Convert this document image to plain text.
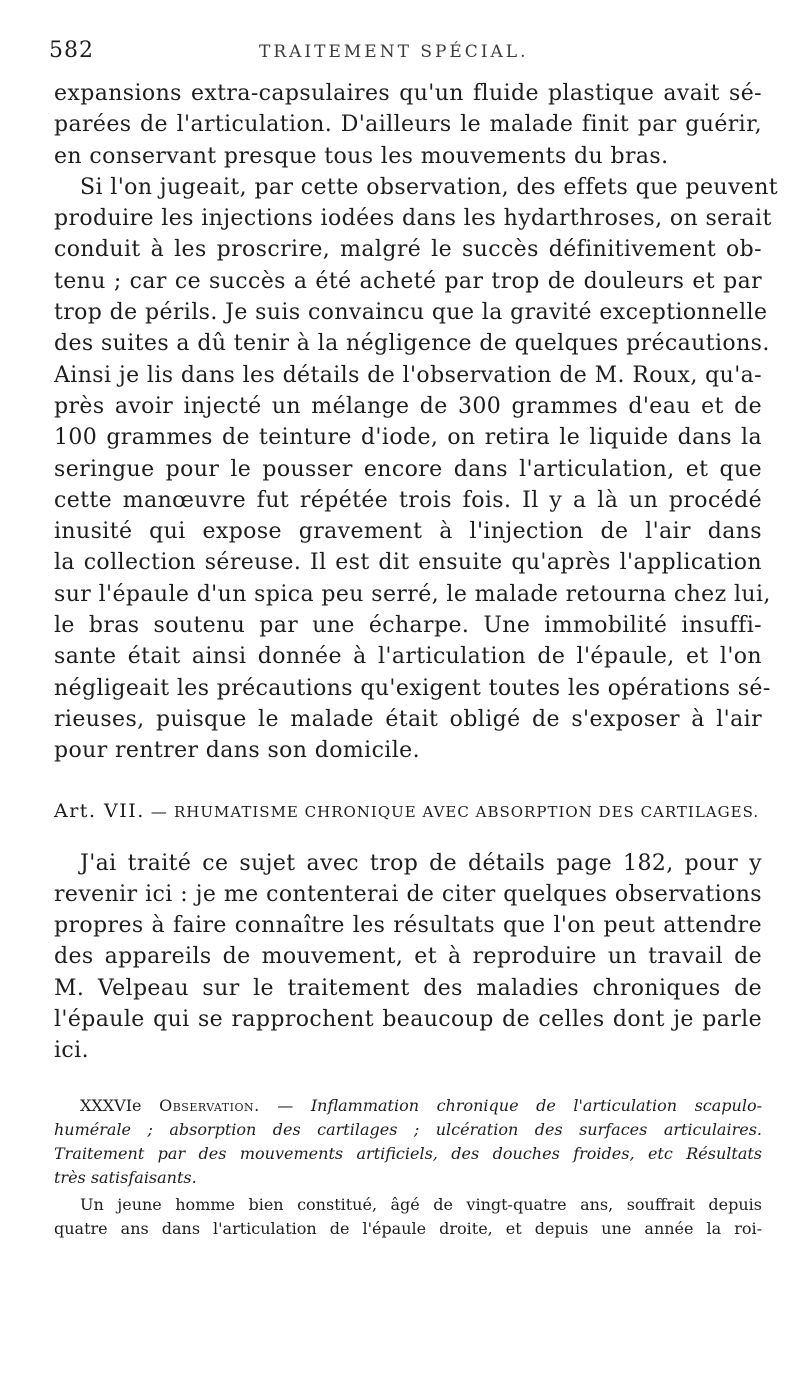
582	TRAITEMENT SPÉCIAL.
expansions extra-capsulaires qu'un fluide plastique avait sé-
parées de l'articulation. D'ailleurs le malade finit par guérir,
en conservant presque tous les mouvements du bras.
Si l'on jugeait, par cette observation, des effets que peuvent
produire les injections iodées dans les hydarthroses, on serait
conduit à les proscrire, malgré le succès définitivement ob-
tenu ; car ce succès a été acheté par trop de douleurs et par
trop de périls. Je suis convaincu que la gravité exceptionnelle
des suites a dû tenir à la négligence de quelques précautions.
Ainsi je lis dans les détails de l'observation de M. Roux, qu'a-
près avoir injecté un mélange de 300 grammes d'eau et de
100 grammes de teinture d'iode, on retira le liquide dans la
seringue pour le pousser encore dans l'articulation, et que
cette manœuvre fut répétée trois fois. Il y a là un procédé
inusité qui expose gravement à l'injection de l'air dans
la collection séreuse. Il est dit ensuite qu'après l'application
sur l'épaule d'un spica peu serré, le malade retourna chez lui,
le bras soutenu par une écharpe. Une immobilité insuffi-
sante était ainsi donnée à l'articulation de l'épaule, et l'on
négligeait les précautions qu'exigent toutes les opérations sé-
rieuses, puisque le malade était obligé de s'exposer à l'air
pour rentrer dans son domicile.
Art. VII. — RHUMATISME CHRONIQUE AVEC ABSORPTION DES CARTILAGES.
J'ai traité ce sujet avec trop de détails page 182, pour y
revenir ici : je me contenterai de citer quelques observations
propres à faire connaître les résultats que l'on peut attendre
des appareils de mouvement, et à reproduire un travail de
M. Velpeau sur le traitement des maladies chroniques de
l'épaule qui se rapprochent beaucoup de celles dont je parle
ici.
XXXVIe Observation. — Inflammation chronique de l'articulation scapulo-
humérale ; absorption des cartilages ; ulcération des surfaces articulaires.
Traitement par des mouvements artificiels, des douches froides, etc Résultats
très satisfaisants.
Un jeune homme bien constitué, âgé de vingt-quatre ans, souffrait depuis
quatre ans dans l'articulation de l'épaule droite, et depuis une année la roi-
